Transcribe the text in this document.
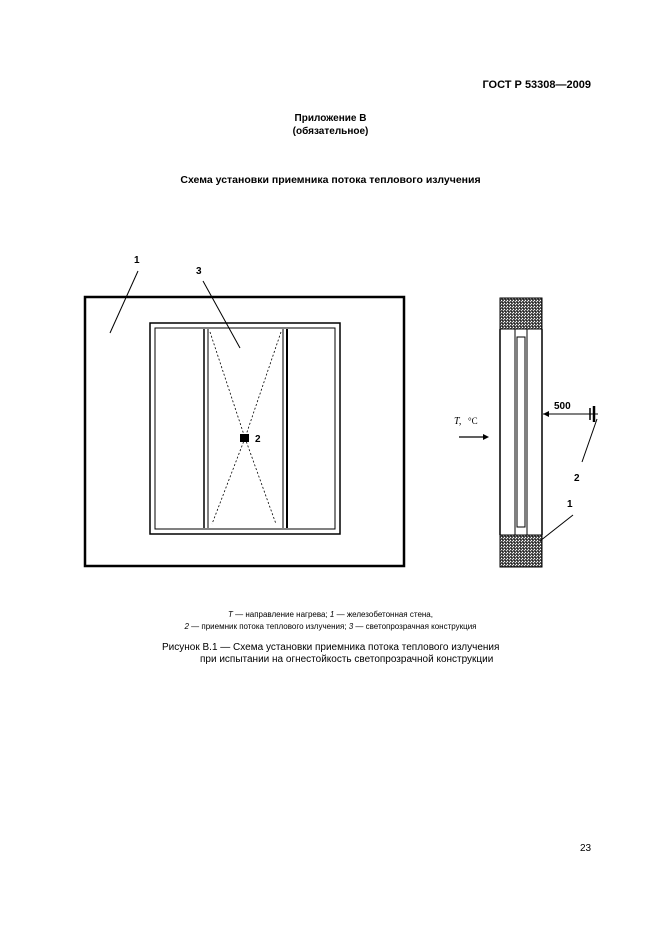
ГОСТ Р 53308—2009
Приложение В
(обязательное)
Схема установки приемника потока теплового излучения
1
3
2
500
2
1
T, °C
T — направление нагрева; 1 — железобетонная стена,
2 — приемник потока теплового излучения; 3 — светопрозрачная конструкция
Рисунок В.1 — Схема установки приемника потока теплового излучения
при испытании на огнестойкость светопрозрачной конструкции
23
